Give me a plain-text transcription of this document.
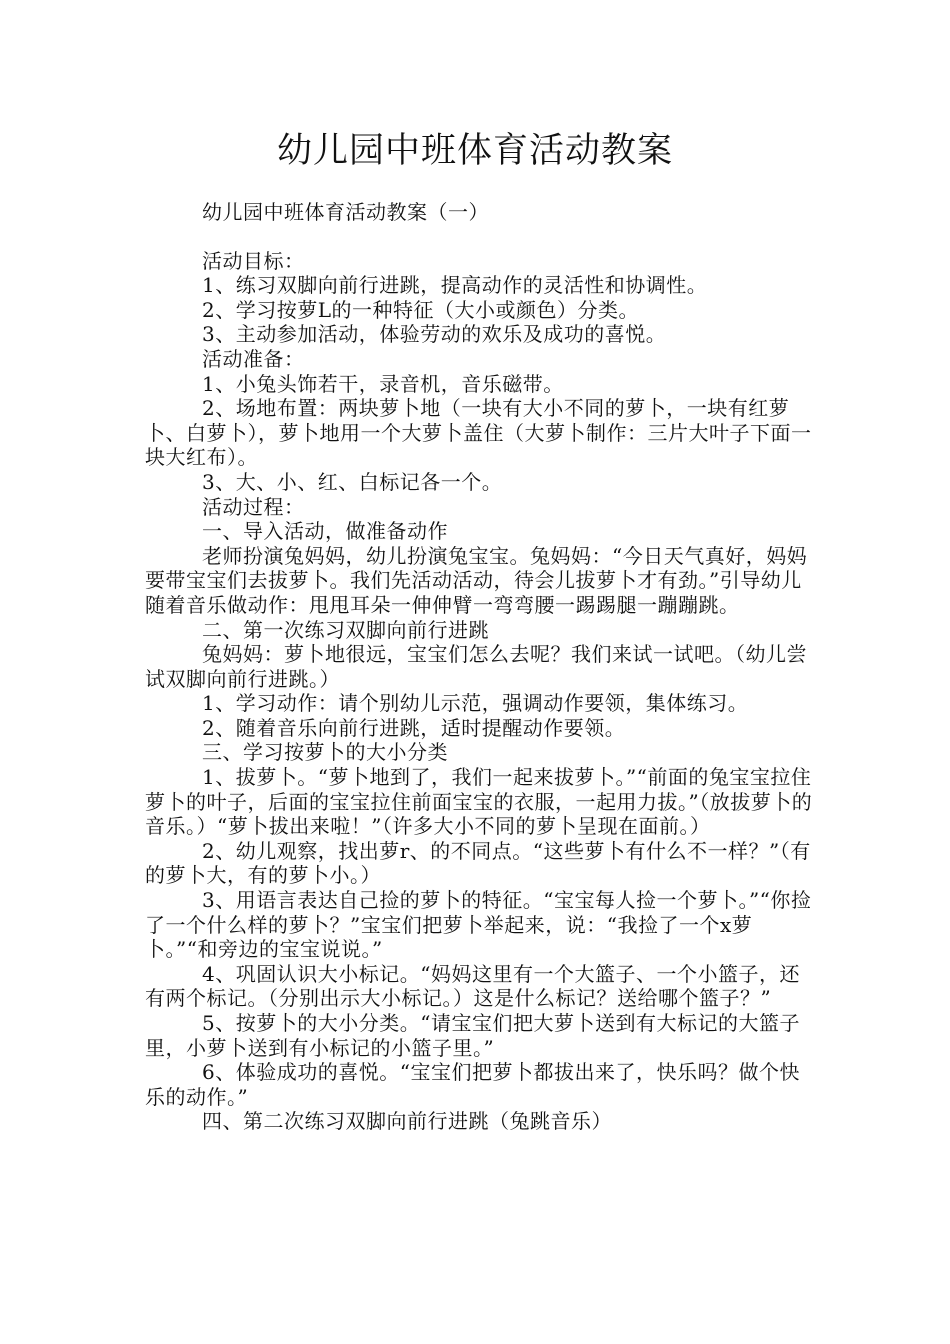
幼儿园中班体育活动教案

幼儿园中班体育活动教案（一）

活动目标：

1、练习双脚向前行进跳，提高动作的灵活性和协调性。

2、学习按萝L的一种特征（大小或颜色）分类。

3、主动参加活动，体验劳动的欢乐及成功的喜悦。

活动准备：

1、小兔头饰若干，录音机，音乐磁带。

2、场地布置：两块萝卜地（一块有大小不同的萝卜，一块有红萝卜、白萝卜），萝卜地用一个大萝卜盖住（大萝卜制作：三片大叶子下面一块大红布）。

3、大、小、红、白标记各一个。

活动过程：

一、导入活动，做准备动作

老师扮演兔妈妈，幼儿扮演兔宝宝。兔妈妈：“今日天气真好，妈妈要带宝宝们去拔萝卜。我们先活动活动，待会儿拔萝卜才有劲。”引导幼儿随着音乐做动作：甩甩耳朵一伸伸臂一弯弯腰一踢踢腿一蹦蹦跳。

二、第一次练习双脚向前行进跳

兔妈妈：萝卜地很远，宝宝们怎么去呢？我们来试一试吧。（幼儿尝试双脚向前行进跳。）

1、学习动作：请个别幼儿示范，强调动作要领，集体练习。

2、随着音乐向前行进跳，适时提醒动作要领。

三、学习按萝卜的大小分类

1、拔萝卜。“萝卜地到了，我们一起来拔萝卜。”“前面的兔宝宝拉住萝卜的叶子，后面的宝宝拉住前面宝宝的衣服，一起用力拔。”（放拔萝卜的音乐。）“萝卜拔出来啦！”（许多大小不同的萝卜呈现在面前。）

2、幼儿观察，找出萝r、的不同点。“这些萝卜有什么不一样？”（有的萝卜大，有的萝卜小。）

3、用语言表达自己捡的萝卜的特征。“宝宝每人捡一个萝卜。”“你捡了一个什么样的萝卜？”宝宝们把萝卜举起来，说：“我捡了一个x萝卜。”“和旁边的宝宝说说。”

4、巩固认识大小标记。“妈妈这里有一个大篮子、一个小篮子，还有两个标记。（分别出示大小标记。）这是什么标记？送给哪个篮子？”

5、按萝卜的大小分类。“请宝宝们把大萝卜送到有大标记的大篮子里，小萝卜送到有小标记的小篮子里。”

6、体验成功的喜悦。“宝宝们把萝卜都拔出来了，快乐吗？做个快乐的动作。”

四、第二次练习双脚向前行进跳（兔跳音乐）
